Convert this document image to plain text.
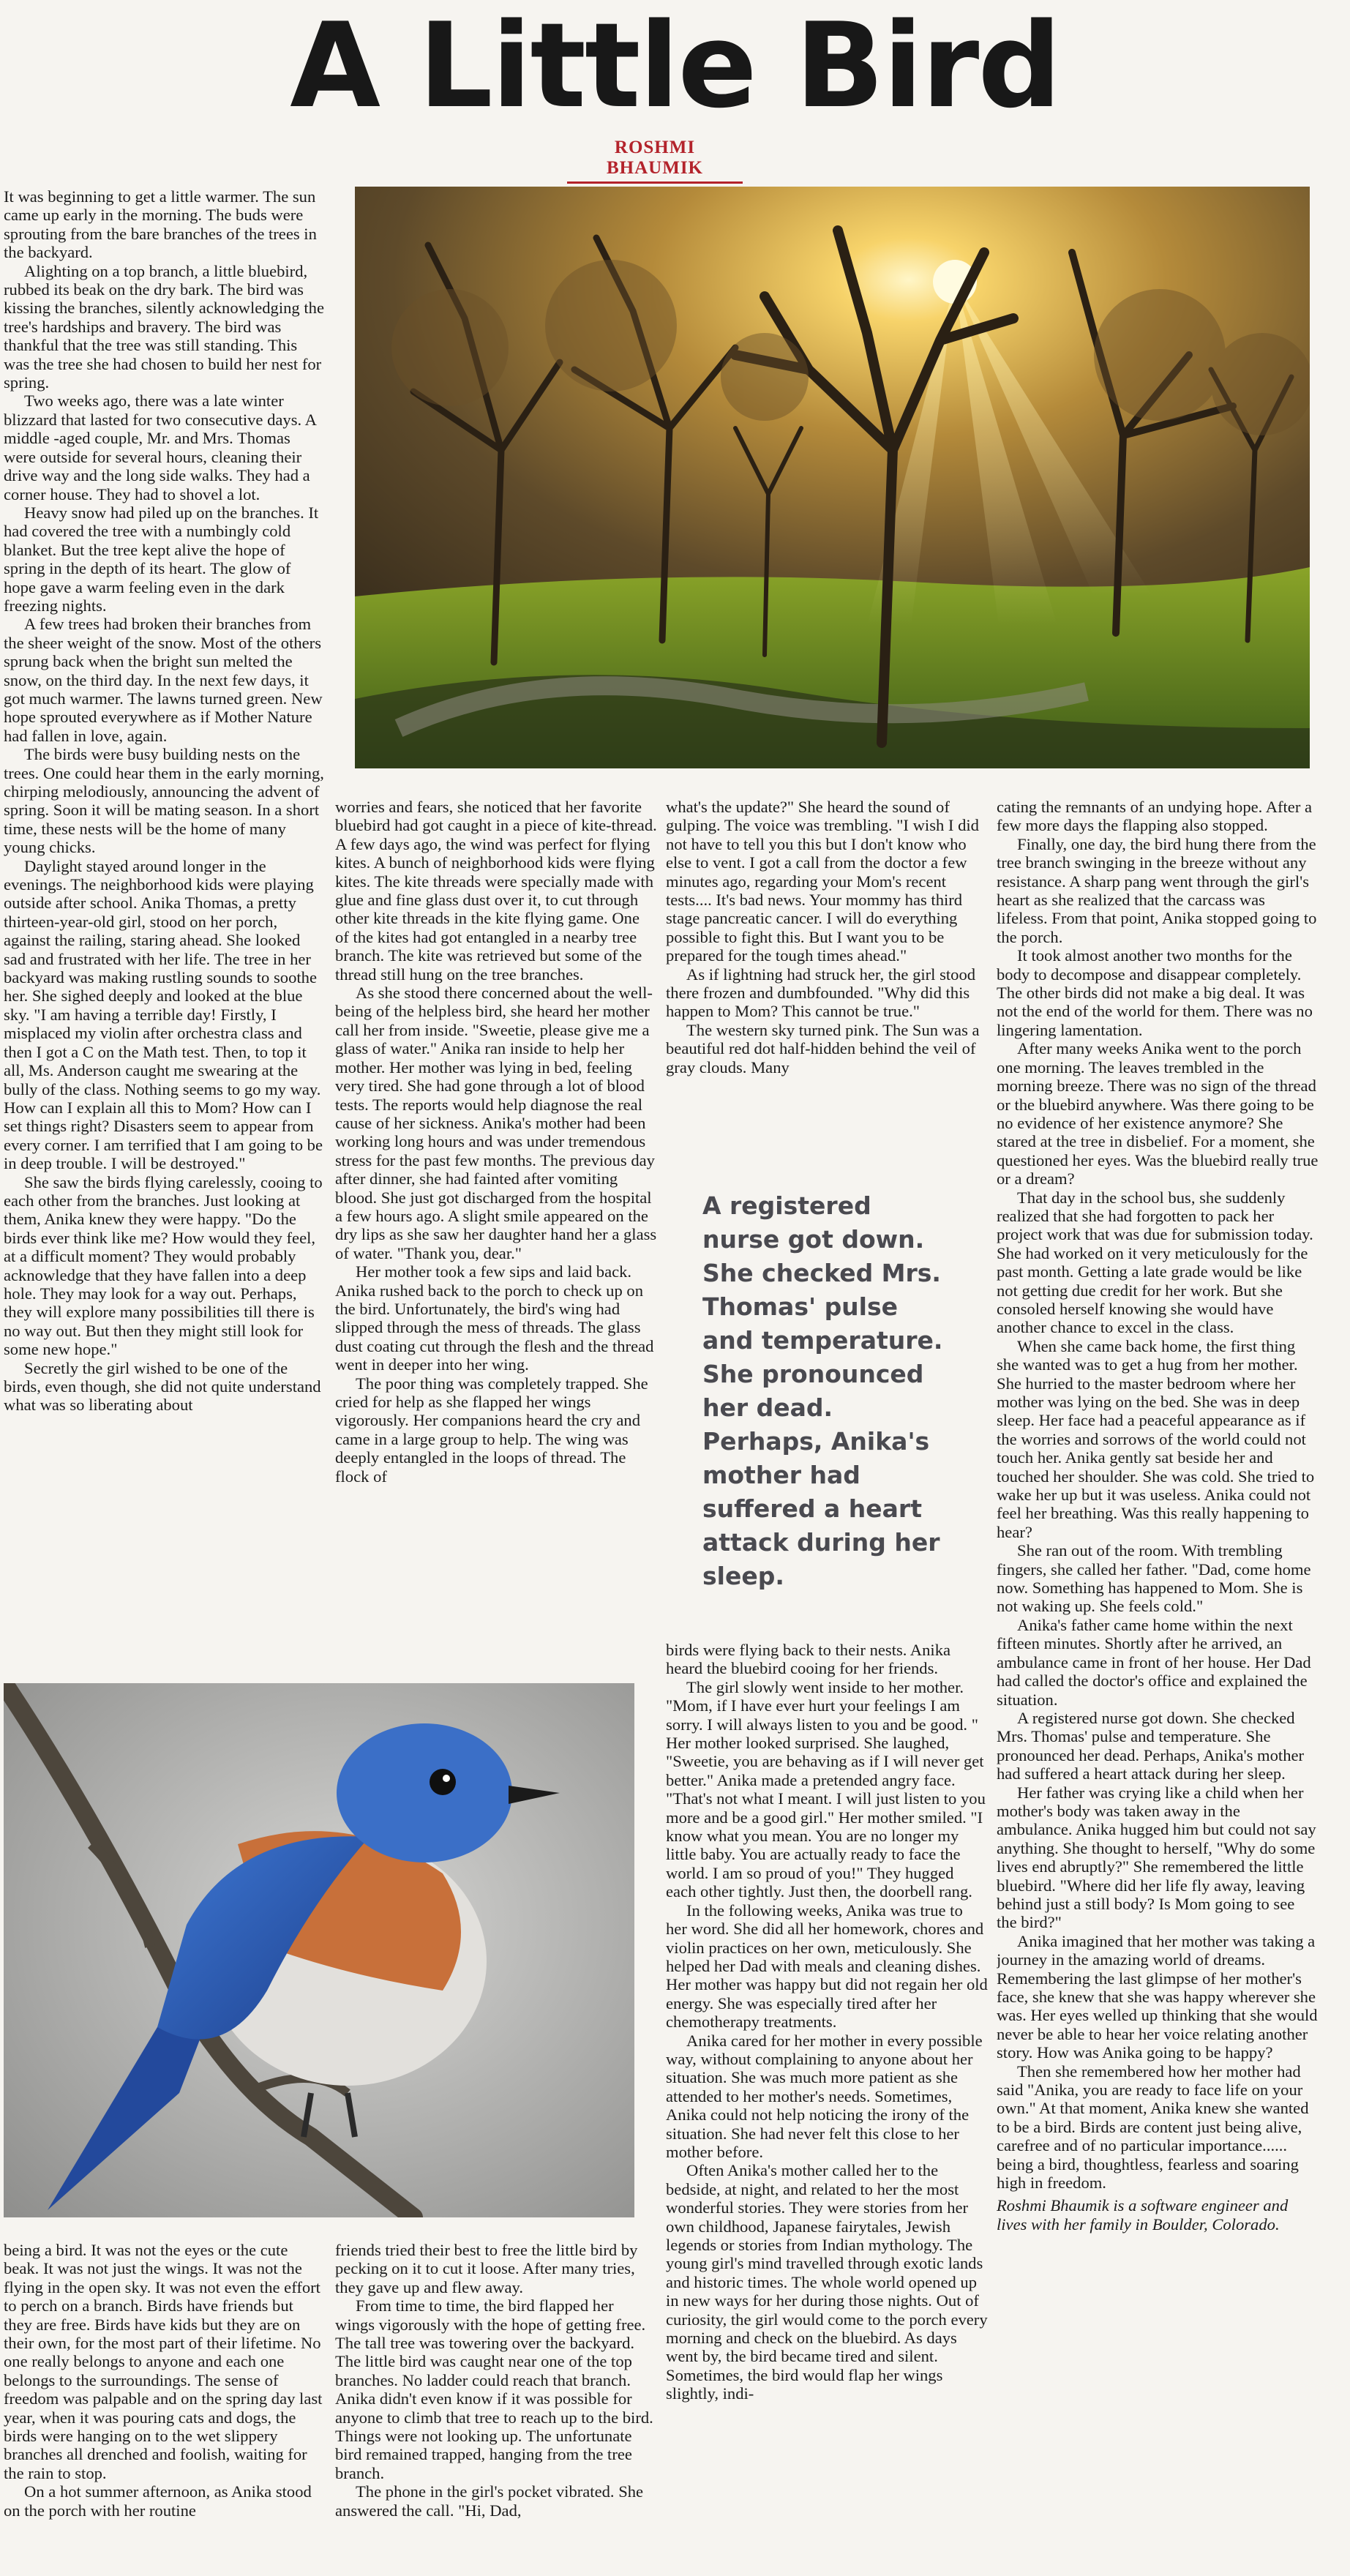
A Little Bird
ROSHMI BHAUMIK

It was beginning to get a little warmer. The sun came up early in the morning. The buds were sprouting from the bare branches of the trees in the backyard.

Alighting on a top branch, a little bluebird, rubbed its beak on the dry bark. The bird was kissing the branches, silently acknowledging the tree's hardships and bravery. The bird was thankful that the tree was still standing. This was the tree she had chosen to build her nest for spring.

Two weeks ago, there was a late winter blizzard that lasted for two consecutive days. A middle -aged couple, Mr. and Mrs. Thomas were outside for several hours, cleaning their drive way and the long side walks. They had a corner house. They had to shovel a lot.

Heavy snow had piled up on the branches. It had covered the tree with a numbingly cold blanket. But the tree kept alive the hope of spring in the depth of its heart. The glow of hope gave a warm feeling even in the dark freezing nights.

A few trees had broken their branches from the sheer weight of the snow. Most of the others sprung back when the bright sun melted the snow, on the third day. In the next few days, it got much warmer. The lawns turned green. New hope sprouted everywhere as if Mother Nature had fallen in love, again.

The birds were busy building nests on the trees. One could hear them in the early morning, chirping melodiously, announcing the advent of spring. Soon it will be mating season. In a short time, these nests will be the home of many young chicks.

Daylight stayed around longer in the evenings. The neighborhood kids were playing outside after school. Anika Thomas, a pretty thirteen-year-old girl, stood on her porch, against the railing, staring ahead. She looked sad and frustrated with her life. The tree in her backyard was making rustling sounds to soothe her. She sighed deeply and looked at the blue sky. "I am having a terrible day! Firstly, I misplaced my violin after orchestra class and then I got a C on the Math test. Then, to top it all, Ms. Anderson caught me swearing at the bully of the class. Nothing seems to go my way. How can I explain all this to Mom? How can I set things right? Disasters seem to appear from every corner. I am terrified that I am going to be in deep trouble. I will be destroyed."

She saw the birds flying carelessly, cooing to each other from the branches. Just looking at them, Anika knew they were happy. "Do the birds ever think like me? How would they feel, at a difficult moment? They would probably acknowledge that they have fallen into a deep hole. They may look for a way out. Perhaps, they will explore many possibilities till there is no way out. But then they might still look for some new hope."

Secretly the girl wished to be one of the birds, even though, she did not quite understand what was so liberating about

worries and fears, she noticed that her favorite bluebird had got caught in a piece of kite-thread. A few days ago, the wind was perfect for flying kites. A bunch of neighborhood kids were flying kites. The kite threads were specially made with glue and fine glass dust over it, to cut through other kite threads in the kite flying game. One of the kites had got entangled in a nearby tree branch. The kite was retrieved but some of the thread still hung on the tree branches.

As she stood there concerned about the well-being of the helpless bird, she heard her mother call her from inside. "Sweetie, please give me a glass of water." Anika ran inside to help her mother. Her mother was lying in bed, feeling very tired. She had gone through a lot of blood tests. The reports would help diagnose the real cause of her sickness. Anika's mother had been working long hours and was under tremendous stress for the past few months. The previous day after dinner, she had fainted after vomiting blood. She just got discharged from the hospital a few hours ago. A slight smile appeared on the dry lips as she saw her daughter hand her a glass of water. "Thank you, dear."

Her mother took a few sips and laid back. Anika rushed back to the porch to check up on the bird. Unfortunately, the bird's wing had slipped through the mess of threads. The glass dust coating cut through the flesh and the thread went in deeper into her wing.

The poor thing was completely trapped. She cried for help as she flapped her wings vigorously. Her companions heard the cry and came in a large group to help. The wing was deeply entangled in the loops of thread. The flock of

what's the update?" She heard the sound of gulping. The voice was trembling. "I wish I did not have to tell you this but I don't know who else to vent. I got a call from the doctor a few minutes ago, regarding your Mom's recent tests.... It's bad news. Your mommy has third stage pancreatic cancer. I will do everything possible to fight this. But I want you to be prepared for the tough times ahead."

As if lightning had struck her, the girl stood there frozen and dumbfounded. "Why did this happen to Mom? This cannot be true."

The western sky turned pink. The Sun was a beautiful red dot half-hidden behind the veil of gray clouds. Many

A registered nurse got down. She checked Mrs. Thomas' pulse and temperature. She pronounced her dead. Perhaps, Anika's mother had suffered a heart attack during her sleep.

birds were flying back to their nests. Anika heard the bluebird cooing for her friends.

The girl slowly went inside to her mother. "Mom, if I have ever hurt your feelings I am sorry. I will always listen to you and be good. " Her mother looked surprised. She laughed, "Sweetie, you are behaving as if I will never get better." Anika made a pretended angry face. "That's not what I meant. I will just listen to you more and be a good girl." Her mother smiled. "I know what you mean. You are no longer my little baby. You are actually ready to face the world. I am so proud of you!" They hugged each other tightly. Just then, the doorbell rang.

In the following weeks, Anika was true to her word. She did all her homework, chores and violin practices on her own, meticulously. She helped her Dad with meals and cleaning dishes. Her mother was happy but did not regain her old energy. She was especially tired after her chemotherapy treatments.

Anika cared for her mother in every possible way, without complaining to anyone about her situation. She was much more patient as she attended to her mother's needs. Sometimes, Anika could not help noticing the irony of the situation. She had never felt this close to her mother before.

Often Anika's mother called her to the bedside, at night, and related to her the most wonderful stories. They were stories from her own childhood, Japanese fairytales, Jewish legends or stories from Indian mythology. The young girl's mind travelled through exotic lands and historic times. The whole world opened up in new ways for her during those nights. Out of curiosity, the girl would come to the porch every morning and check on the bluebird. As days went by, the bird became tired and silent. Sometimes, the bird would flap her wings slightly, indi-

cating the remnants of an undying hope. After a few more days the flapping also stopped.

Finally, one day, the bird hung there from the tree branch swinging in the breeze without any resistance. A sharp pang went through the girl's heart as she realized that the carcass was lifeless. From that point, Anika stopped going to the porch.

It took almost another two months for the body to decompose and disappear completely. The other birds did not make a big deal. It was not the end of the world for them. There was no lingering lamentation.

After many weeks Anika went to the porch one morning. The leaves trembled in the morning breeze. There was no sign of the thread or the bluebird anywhere. Was there going to be no evidence of her existence anymore? She stared at the tree in disbelief. For a moment, she questioned her eyes. Was the bluebird really true or a dream?

That day in the school bus, she suddenly realized that she had forgotten to pack her project work that was due for submission today. She had worked on it very meticulously for the past month. Getting a late grade would be like not getting due credit for her work. But she consoled herself knowing she would have another chance to excel in the class.

When she came back home, the first thing she wanted was to get a hug from her mother. She hurried to the master bedroom where her mother was lying on the bed. She was in deep sleep. Her face had a peaceful appearance as if the worries and sorrows of the world could not touch her. Anika gently sat beside her and touched her shoulder. She was cold. She tried to wake her up but it was useless. Anika could not feel her breathing. Was this really happening to hear?

She ran out of the room. With trembling fingers, she called her father. "Dad, come home now. Something has happened to Mom. She is not waking up. She feels cold."

Anika's father came home within the next fifteen minutes. Shortly after he arrived, an ambulance came in front of her house. Her Dad had called the doctor's office and explained the situation.

A registered nurse got down. She checked Mrs. Thomas' pulse and temperature. She pronounced her dead. Perhaps, Anika's mother had suffered a heart attack during her sleep.

Her father was crying like a child when her mother's body was taken away in the ambulance. Anika hugged him but could not say anything. She thought to herself, "Why do some lives end abruptly?" She remembered the little bluebird. "Where did her life fly away, leaving behind just a still body? Is Mom going to see the bird?"

Anika imagined that her mother was taking a journey in the amazing world of dreams. Remembering the last glimpse of her mother's face, she knew that she was happy wherever she was. Her eyes welled up thinking that she would never be able to hear her voice relating another story. How was Anika going to be happy?

Then she remembered how her mother had said "Anika, you are ready to face life on your own." At that moment, Anika knew she wanted to be a bird. Birds are content just being alive, carefree and of no particular importance...... being a bird, thoughtless, fearless and soaring high in freedom.

Roshmi Bhaumik is a software engineer and lives with her family in Boulder, Colorado.

being a bird. It was not the eyes or the cute beak. It was not just the wings. It was not the flying in the open sky. It was not even the effort to perch on a branch. Birds have friends but they are free. Birds have kids but they are on their own, for the most part of their lifetime. No one really belongs to anyone and each one belongs to the surroundings. The sense of freedom was palpable and on the spring day last year, when it was pouring cats and dogs, the birds were hanging on to the wet slippery branches all drenched and foolish, waiting for the rain to stop.

On a hot summer afternoon, as Anika stood on the porch with her routine

friends tried their best to free the little bird by pecking on it to cut it loose. After many tries, they gave up and flew away.

From time to time, the bird flapped her wings vigorously with the hope of getting free. The tall tree was towering over the backyard. The little bird was caught near one of the top branches. No ladder could reach that branch. Anika didn't even know if it was possible for anyone to climb that tree to reach up to the bird. Things were not looking up. The unfortunate bird remained trapped, hanging from the tree branch.

The phone in the girl's pocket vibrated. She answered the call. "Hi, Dad,
